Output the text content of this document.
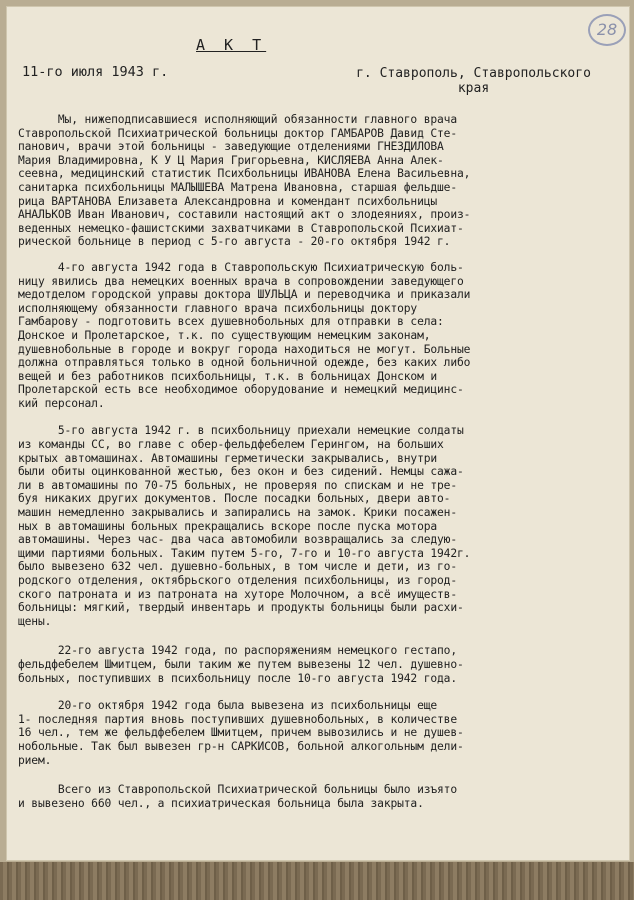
28
А К Т
11-го июля 1943 г.	г. Ставрополь, Ставропольского
края
Мы, нижеподписавшиеся исполняющий обязанности главного врача
Ставропольской Психиатрической больницы доктор ГАМБАРОВ Давид Сте-
панович, врачи этой больницы - заведующие отделениями ГНЕЗДИЛОВА
Мария Владимировна, К У Ц Мария Григорьевна, КИСЛЯЕВА Анна Алек-
сеевна, медицинский статистик Психбольницы ИВАНОВА Елена Васильевна,
санитарка психбольницы МАЛЫШЕВА Матрена Ивановна, старшая фельдше-
рица ВАРТАНОВА Елизавета Александровна и комендант психбольницы
АНАЛЬКОВ Иван Иванович, составили настоящий акт о злодеяниях, произ-
веденных немецко-фашистскими захватчиками в Ставропольской Психиат-
рической больнице в период с 5-го августа - 20-го октября 1942 г.
4-го августа 1942 года в Ставропольскую Психиатрическую боль-
ницу явились два немецких военных врача в сопровождении заведующего
медотделом городской управы доктора ШУЛЬЦА и переводчика и приказали
исполняющему обязанности главного врача психбольницы доктору
Гамбарову - подготовить всех душевнобольных для отправки в села:
Донское и Пролетарское, т.к. по существующим немецким законам,
душевнобольные в городе и вокруг города находиться не могут. Больные
должна отправляться только в одной больничной одежде, без каких либо
вещей и без работников психбольницы, т.к. в больницах Донском и
Пролетарской есть все необходимое оборудование и немецкий медицинс-
кий персонал.
5-го августа 1942 г. в психбольницу приехали немецкие солдаты
из команды СС, во главе с обер-фельдфебелем Герингом, на больших
крытых автомашинах. Автомашины герметически закрывались, внутри
были обиты оцинкованной жестью, без окон и без сидений. Немцы сажа-
ли в автомашины по 70-75 больных, не проверяя по спискам и не тре-
буя никаких других документов. После посадки больных, двери авто-
машин немедленно закрывались и запирались на замок. Крики посажен-
ных в автомашины больных прекращались вскоре после пуска мотора
автомашины. Через час- два часа автомобили возвращались за следую-
щими партиями больных. Таким путем 5-го, 7-го и 10-го августа 1942г.
было вывезено 632 чел. душевно-больных, в том числе и дети, из го-
родского отделения, октябрьского отделения психбольницы, из город-
ского патроната и из патроната на хуторе Молочном, а всё имуществ-
больницы: мягкий, твердый инвентарь и продукты больницы были расхи-
щены.
22-го августа 1942 года, по распоряжениям немецкого гестапо,
фельдфебелем Шмитцем, были таким же путем вывезены 12 чел. душевно-
больных, поступивших в психбольницу после 10-го августа 1942 года.
20-го октября 1942 года была вывезена из психбольницы еще
1- последняя партия вновь поступивших душевнобольных, в количестве
16 чел., тем же фельдфебелем Шмитцем, причем вывозились и не душев-
нобольные. Так был вывезен гр-н САРКИСОВ, больной алкогольным дели-
рием.
Всего из Ставропольской Психиатрической больницы было изъято
и вывезено 660 чел., а психиатрическая больница была закрыта.
